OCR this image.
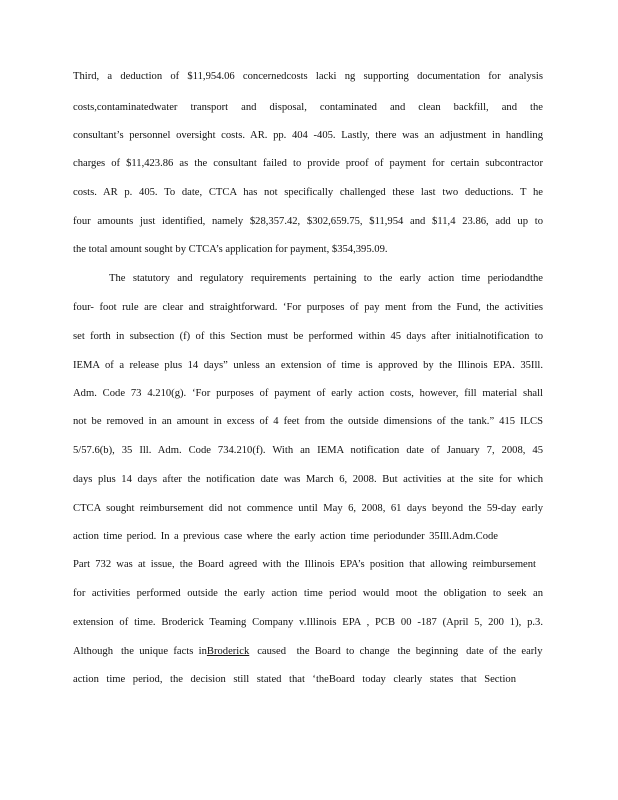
Third, a deduction of $11,954.06 concernedcosts lacki ng supporting documentation for analysis
costs,contaminatedwater transport and disposal, contaminated and clean backfill, and the
consultant’s personnel oversight costs. AR. pp. 404 -405. Lastly, there was an adjustment in handling
charges of $11,423.86 as the consultant failed to provide proof of payment for certain subcontractor
costs. AR p. 405. To date, CTCA has not specifically challenged these last two deductions. T he
four amounts just identified, namely $28,357.42, $302,659.75, $11,954 and $11,4 23.86, add up to
the total amount sought by CTCA’s application for payment, $354,395.09.
The statutory and regulatory requirements pertaining to the early action time periodandthe
four- foot rule are clear and straightforward. ‘For purposes of pay ment from the Fund, the activities
set forth in subsection (f) of this Section must be performed within 45 days after initialnotification to
IEMA of a release plus 14 days” unless an extension of time is approved by the Illinois EPA. 35Ill.
Adm. Code 73 4.210(g). ‘For purposes of payment of early action costs, however, fill material shall
not be removed in an amount in excess of 4 feet from the outside dimensions of the tank.” 415 ILCS
5/57.6(b), 35 Ill. Adm. Code 734.210(f). With an IEMA notification date of January 7, 2008, 45
days plus 14 days after the notification date was March 6, 2008. But activities at the site for which
CTCA sought reimbursement did not commence until May 6, 2008, 61 days beyond the 59-day early
action time period. In a previous case where the early action time periodunder 35Ill.Adm.Code
Part 732 was at issue, the Board agreed with the Illinois EPA’s position that allowing reimbursement
for activities performed outside the early action time period would moot the obligation to seek an
extension of time. Broderick Teaming Company v.Illinois EPA , PCB 00 -187 (April 5, 200 1), p.3.
Although   the  unique  facts  inBroderick   caused    the  Board  to  change   the  beginning   date  of  the  early
action time period, the decision still stated that ‘theBoard today clearly states that Section
